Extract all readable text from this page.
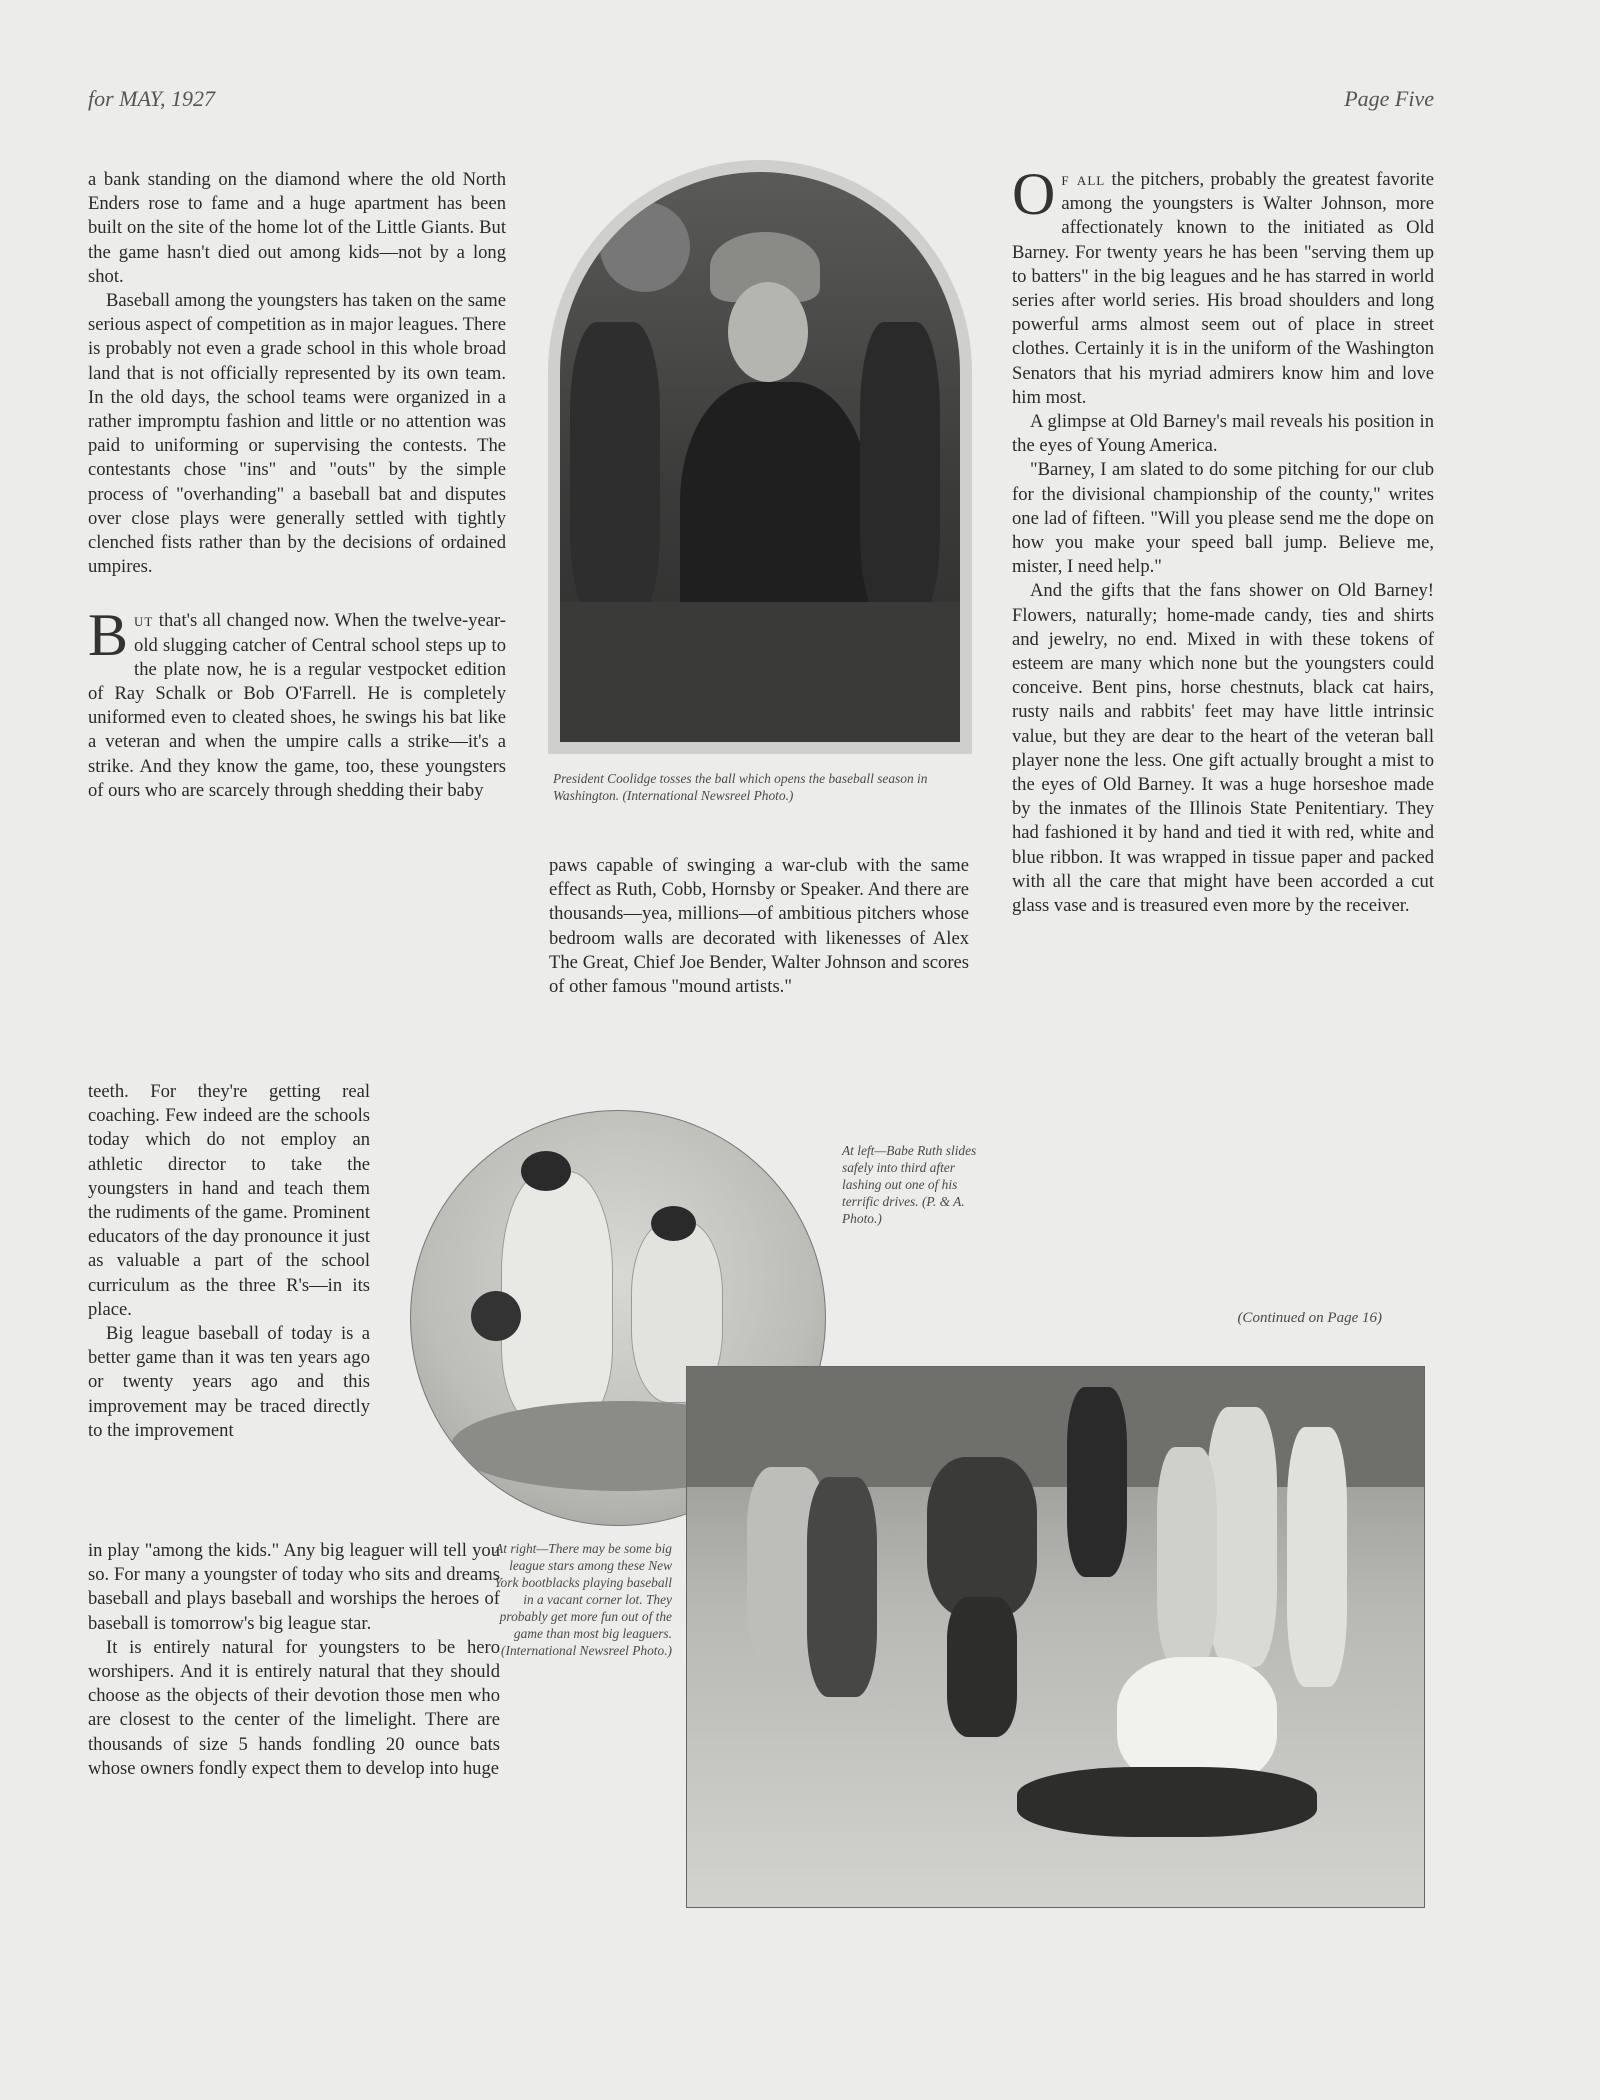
for MAY, 1927	Page Five

a bank standing on the diamond where the old North Enders rose to fame and a huge apartment has been built on the site of the home lot of the Little Giants. But the game hasn't died out among kids—not by a long shot.

Baseball among the youngsters has taken on the same serious aspect of competition as in major leagues. There is probably not even a grade school in this whole broad land that is not officially represented by its own team. In the old days, the school teams were organized in a rather impromptu fashion and little or no attention was paid to uniforming or supervising the contests. The contestants chose "ins" and "outs" by the simple process of "overhanding" a baseball bat and disputes over close plays were generally settled with tightly clenched fists rather than by the decisions of ordained umpires.

But that's all changed now. When the twelve-year-old slugging catcher of Central school steps up to the plate now, he is a regular vestpocket edition of Ray Schalk or Bob O'Farrell. He is completely uniformed even to cleated shoes, he swings his bat like a veteran and when the umpire calls a strike—it's a strike. And they know the game, too, these youngsters of ours who are scarcely through shedding their baby

teeth. For they're getting real coaching. Few indeed are the schools today which do not employ an athletic director to take the youngsters in hand and teach them the rudiments of the game. Prominent educators of the day pronounce it just as valuable a part of the school curriculum as the three R's—in its place.

Big league baseball of today is a better game than it was ten years ago or twenty years ago and this improvement may be traced directly to the improvement

in play "among the kids." Any big leaguer will tell you so. For many a youngster of today who sits and dreams baseball and plays baseball and worships the heroes of baseball is tomorrow's big league star.

It is entirely natural for youngsters to be hero worshipers. And it is entirely natural that they should choose as the objects of their devotion those men who are closest to the center of the limelight. There are thousands of size 5 hands fondling 20 ounce bats whose owners fondly expect them to develop into huge

President Coolidge tosses the ball which opens the baseball season in Washington. (International Newsreel Photo.)

paws capable of swinging a war-club with the same effect as Ruth, Cobb, Hornsby or Speaker. And there are thousands—yea, millions—of ambitious pitchers whose bedroom walls are decorated with likenesses of Alex The Great, Chief Joe Bender, Walter Johnson and scores of other famous "mound artists."

At left—Babe Ruth slides safely into third after lashing out one of his terrific drives. (P. & A. Photo.)

Of all the pitchers, probably the greatest favorite among the youngsters is Walter Johnson, more affectionately known to the initiated as Old Barney. For twenty years he has been "serving them up to batters" in the big leagues and he has starred in world series after world series. His broad shoulders and long powerful arms almost seem out of place in street clothes. Certainly it is in the uniform of the Washington Senators that his myriad admirers know him and love him most.

A glimpse at Old Barney's mail reveals his position in the eyes of Young America.

"Barney, I am slated to do some pitching for our club for the divisional championship of the county," writes one lad of fifteen. "Will you please send me the dope on how you make your speed ball jump. Believe me, mister, I need help."

And the gifts that the fans shower on Old Barney! Flowers, naturally; home-made candy, ties and shirts and jewelry, no end. Mixed in with these tokens of esteem are many which none but the youngsters could conceive. Bent pins, horse chestnuts, black cat hairs, rusty nails and rabbits' feet may have little intrinsic value, but they are dear to the heart of the veteran ball player none the less. One gift actually brought a mist to the eyes of Old Barney. It was a huge horseshoe made by the inmates of the Illinois State Penitentiary. They had fashioned it by hand and tied it with red, white and blue ribbon. It was wrapped in tissue paper and packed with all the care that might have been accorded a cut glass vase and is treasured even more by the receiver.

(Continued on Page 16)
At right—There may be some big league stars among these New York bootblacks playing baseball in a vacant corner lot. They probably get more fun out of the game than most big leaguers. (International Newsreel Photo.)
